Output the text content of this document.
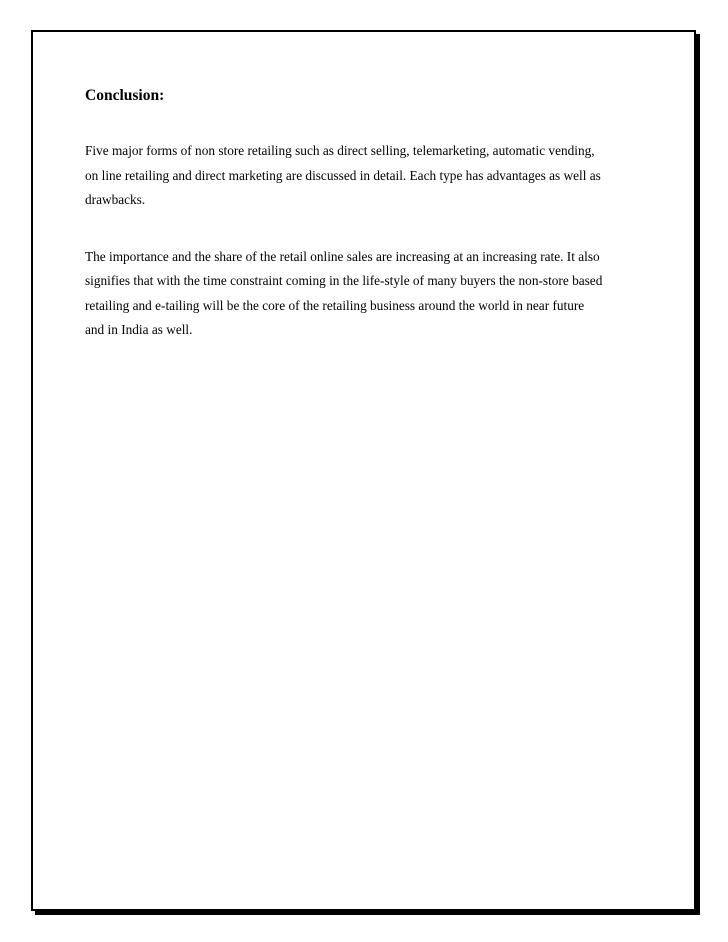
Conclusion:
Five major forms of non store retailing such as direct selling, telemarketing, automatic vending,
on line retailing and direct marketing are discussed in detail. Each type has advantages as well as
drawbacks.
The importance and the share of the retail online sales are increasing at an increasing rate. It also
signifies that with the time constraint coming in the life-style of many buyers the non-store based
retailing and e-tailing will be the core of the retailing business around the world in near future
and in India as well.
